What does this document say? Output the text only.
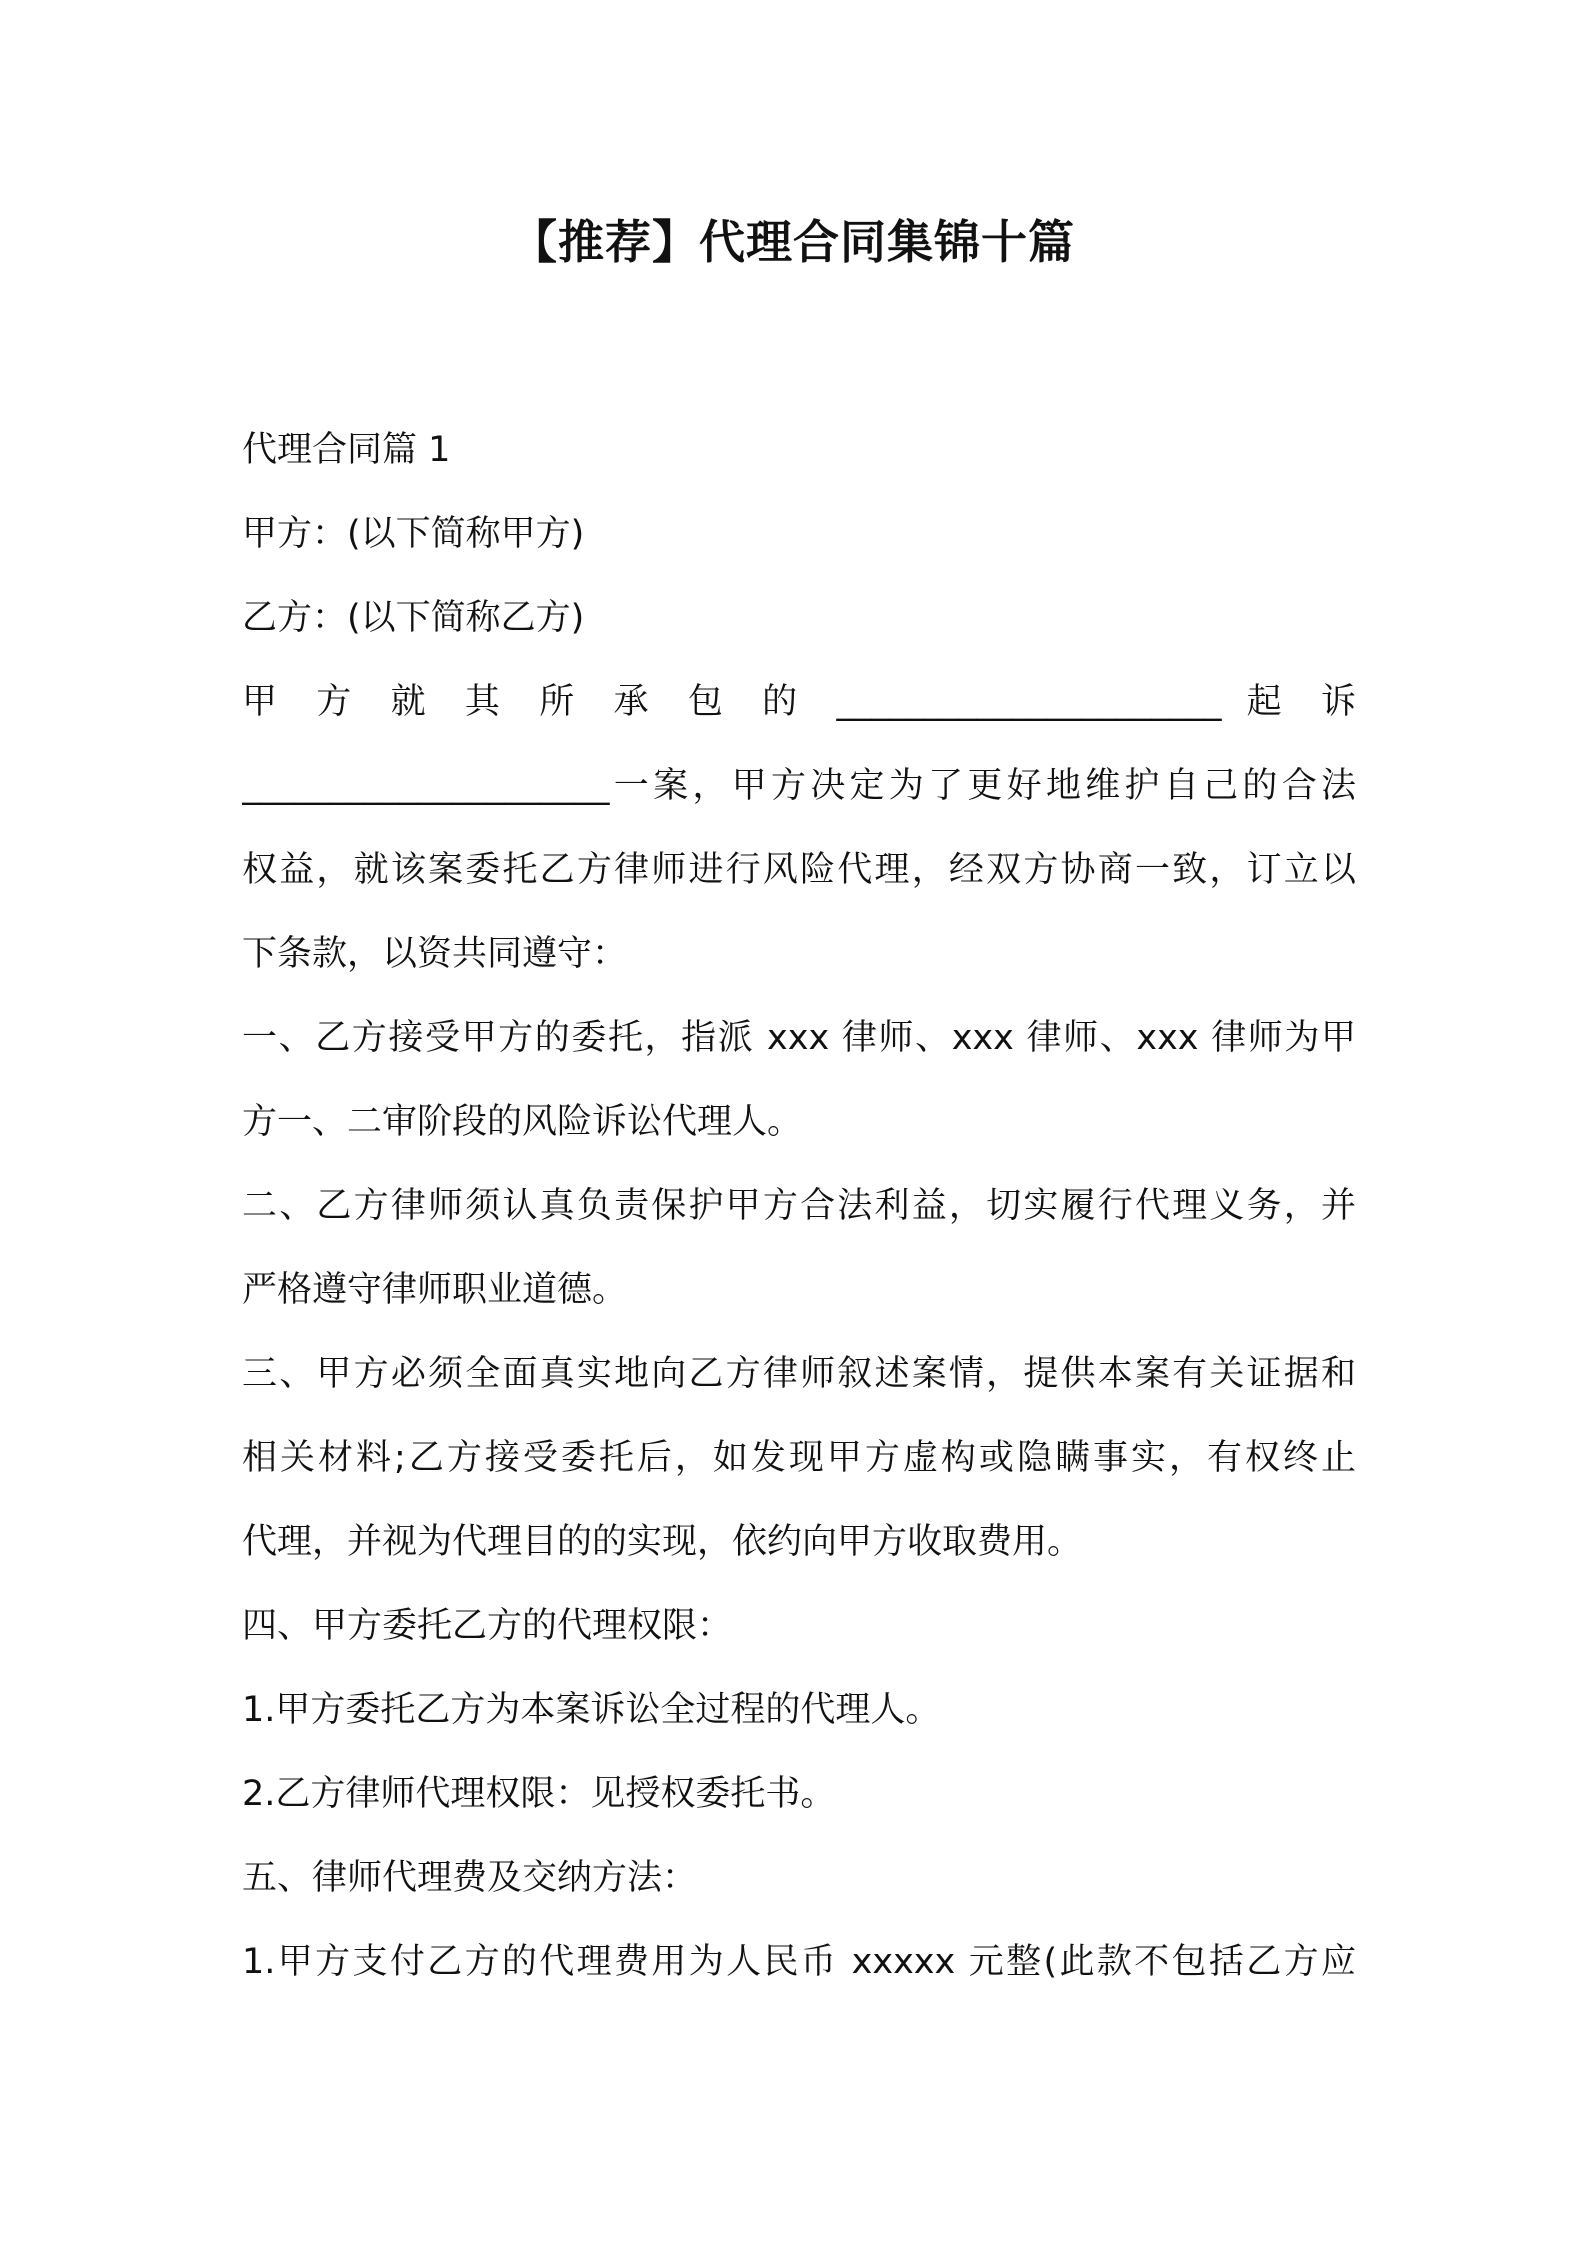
【推荐】代理合同集锦十篇
代理合同篇 1
甲方：(以下简称甲方)
乙方：(以下简称乙方)
甲 方 就 其 所 承 包 的 ______________________ 起 诉
_____________________一案，甲方决定为了更好地维护自己的合法
权益，就该案委托乙方律师进行风险代理，经双方协商一致，订立以
下条款，以资共同遵守：
一、乙方接受甲方的委托，指派 xxx 律师、xxx 律师、xxx 律师为甲
方一、二审阶段的风险诉讼代理人。
二、乙方律师须认真负责保护甲方合法利益，切实履行代理义务，并
严格遵守律师职业道德。
三、甲方必须全面真实地向乙方律师叙述案情，提供本案有关证据和
相关材料;乙方接受委托后，如发现甲方虚构或隐瞒事实，有权终止
代理，并视为代理目的的实现，依约向甲方收取费用。
四、甲方委托乙方的代理权限：
1.甲方委托乙方为本案诉讼全过程的代理人。
2.乙方律师代理权限：见授权委托书。
五、律师代理费及交纳方法：
1.甲方支付乙方的代理费用为人民币 xxxxx 元整(此款不包括乙方应
